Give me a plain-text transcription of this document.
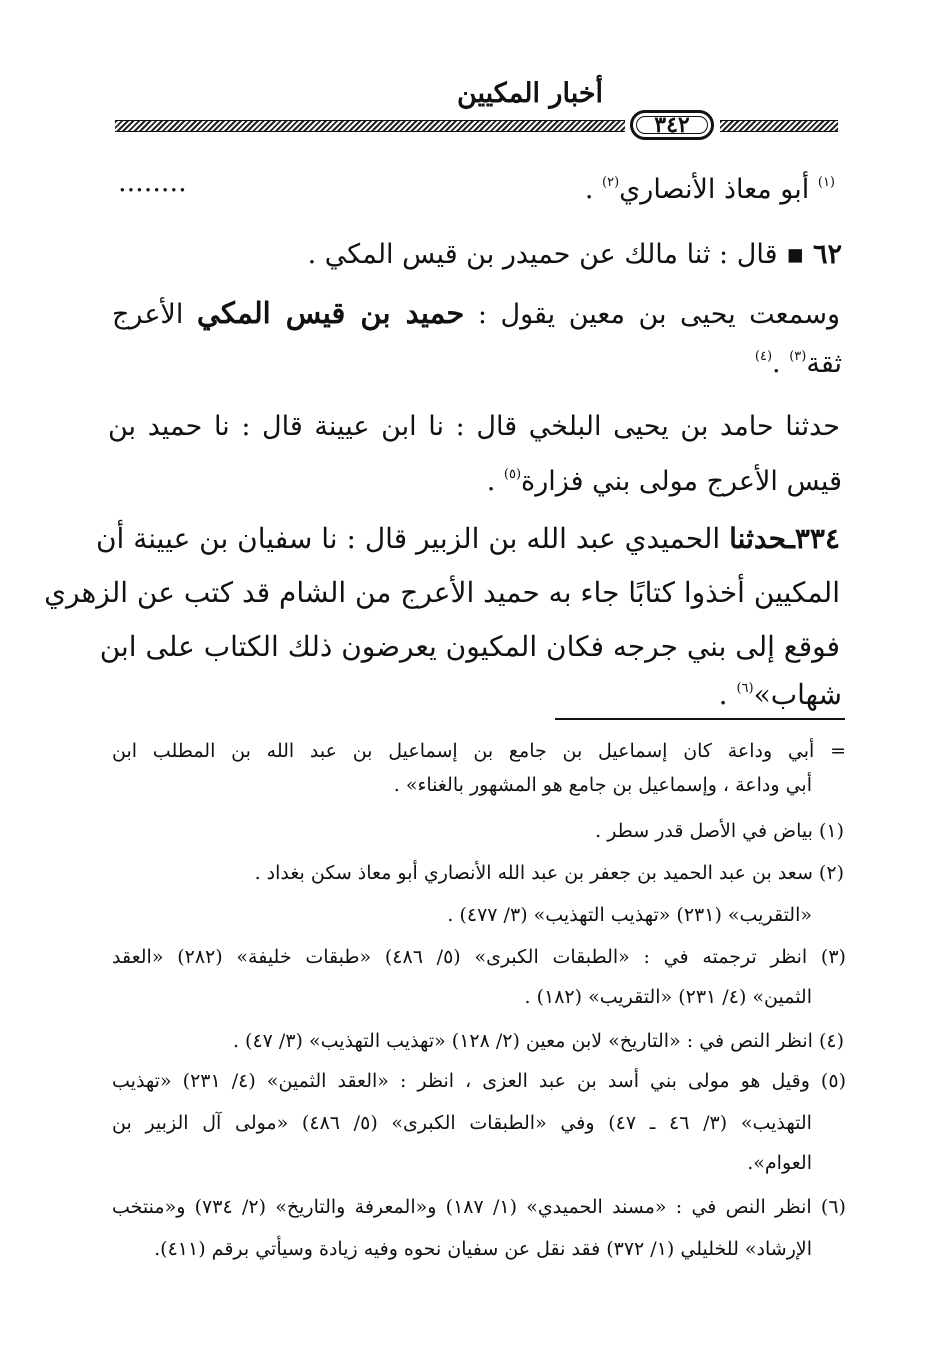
أخبار المكيين
٣٤٢
$^{(١)}$ أبو معاذ الأنصاري$^{(٢)}$ .
........
٦٢ ▪ قال : ثنا مالك عن حميدر بن قيس المكي .
وسمعت يحيى بن معين يقول : حميد بن قيس المكي الأعرج
ثقة$^{(٣)}$ .$^{(٤)}$
حدثنا حامد بن يحيى البلخي قال : نا ابن عيينة قال : نا حميد بن
قيس الأعرج مولى بني فزارة$^{(٥)}$ .
٣٣٤ـحدثنا الحميدي عبد الله بن الزبير قال : نا سفيان بن عيينة أن
المكيين أخذوا كتابًا جاء به حميد الأعرج من الشام قد كتب عن الزهري
فوقع إلى بني جرجه فكان المكيون يعرضون ذلك الكتاب على ابن
شهاب»$^{(٦)}$ .
= أبي وداعة كان إسماعيل بن جامع بن إسماعيل بن عبد الله بن المطلب ابن
أبي وداعة ، وإسماعيل بن جامع هو المشهور بالغناء» .
(١) بياض في الأصل قدر سطر .
(٢) سعد بن عبد الحميد بن جعفر بن عبد الله الأنصاري أبو معاذ سكن بغداد .
«التقريب» (٢٣١) «تهذيب التهذيب» (٣/ ٤٧٧) .
(٣) انظر ترجمته في : «الطبقات الكبرى» (٥/ ٤٨٦) «طبقات خليفة» (٢٨٢) «العقد
الثمين» (٤/ ٢٣١) «التقريب» (١٨٢) .
(٤) انظر النص في : «التاريخ» لابن معين (٢/ ١٢٨) «تهذيب التهذيب» (٣/ ٤٧) .
(٥) وقيل هو مولى بني أسد بن عبد العزى ، انظر : «العقد الثمين» (٤/ ٢٣١) «تهذيب
التهذيب» (٣/ ٤٦ ـ ٤٧) وفي «الطبقات الكبرى» (٥/ ٤٨٦) «مولى آل الزبير بن
العوام».
(٦) انظر النص في : «مسند الحميدي» (١/ ١٨٧) و«المعرفة والتاريخ» (٢/ ٧٣٤) و«منتخب
الإرشاد» للخليلي (١/ ٣٧٢) فقد نقل عن سفيان نحوه وفيه زيادة وسيأتي برقم (٤١١).
